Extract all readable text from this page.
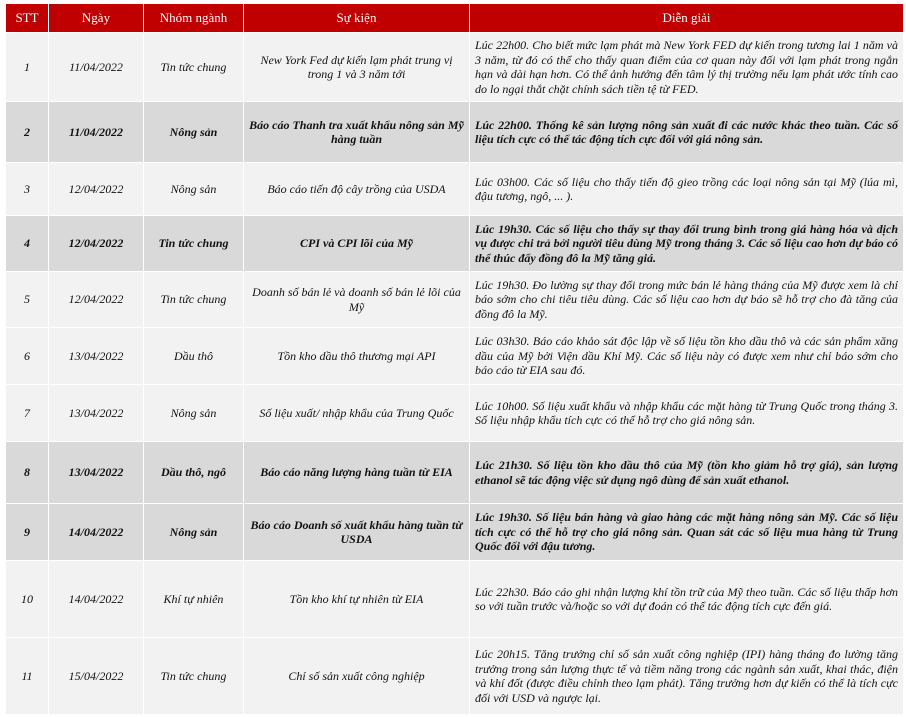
STT	Ngày	Nhóm ngành	Sự kiện	Diễn giải
1	11/04/2022	Tin tức chung	New York Fed dự kiến lạm phát trung vị trong 1 và 3 năm tới	Lúc 22h00. Cho biết mức lạm phát mà New York FED dự kiến trong tương lai 1 năm và 3 năm, từ đó có thể cho thấy quan điểm của cơ quan này đối với lạm phát trong ngắn hạn và dài hạn hơn. Có thể ảnh hưởng đến tâm lý thị trường nếu lạm phát ước tính cao do lo ngại thắt chặt chính sách tiền tệ từ FED.
2	11/04/2022	Nông sản	Báo cáo Thanh tra xuất khẩu nông sản Mỹ hàng tuần	Lúc 22h00. Thống kê sản lượng nông sản xuất đi các nước khác theo tuần. Các số liệu tích cực có thể tác động tích cực đối với giá nông sản.
3	12/04/2022	Nông sản	Báo cáo tiến độ cây trồng của USDA	Lúc 03h00. Các số liệu cho thấy tiến độ gieo trồng các loại nông sản tại Mỹ (lúa mì, đậu tương, ngô, ... ).
4	12/04/2022	Tin tức chung	CPI và CPI lõi của Mỹ	Lúc 19h30. Các số liệu cho thấy sự thay đổi trung bình trong giá hàng hóa và dịch vụ được chi trả bởi người tiêu dùng Mỹ trong tháng 3. Các số liệu cao hơn dự báo có thể thúc đẩy đồng đô la Mỹ tăng giá.
5	12/04/2022	Tin tức chung	Doanh số bán lẻ và doanh số bán lẻ lõi của Mỹ	Lúc 19h30. Đo lường sự thay đổi trong mức bán lẻ hàng tháng của Mỹ được xem là chỉ báo sớm cho chi tiêu tiêu dùng. Các số liệu cao hơn dự báo sẽ hỗ trợ cho đà tăng của đồng đô la Mỹ.
6	13/04/2022	Dầu thô	Tồn kho dầu thô thương mại API	Lúc 03h30. Báo cáo khảo sát độc lập về số liệu tồn kho dầu thô và các sản phẩm xăng dầu của Mỹ bởi Viện dầu Khí Mỹ. Các số liệu này có được xem như chỉ báo sớm cho báo cáo từ EIA sau đó.
7	13/04/2022	Nông sản	Số liệu xuất/ nhập khẩu của Trung Quốc	Lúc 10h00. Số liệu xuất khẩu và nhập khẩu các mặt hàng từ Trung Quốc trong tháng 3. Số liệu nhập khẩu tích cực có thể hỗ trợ cho giá nông sản.
8	13/04/2022	Dầu thô, ngô	Báo cáo năng lượng hàng tuần từ EIA	Lúc 21h30. Số liệu tồn kho dầu thô của Mỹ (tồn kho giảm hỗ trợ giá), sản lượng ethanol sẽ tác động việc sử dụng ngô dùng để sản xuất ethanol.
9	14/04/2022	Nông sản	Báo cáo Doanh số xuất khẩu hàng tuần từ USDA	Lúc 19h30. Số liệu bán hàng và giao hàng các mặt hàng nông sản Mỹ. Các số liệu tích cực có thể hỗ trợ cho giá nông sản. Quan sát các số liệu mua hàng từ Trung Quốc đối với đậu tương.
10	14/04/2022	Khí tự nhiên	Tồn kho khí tự nhiên từ EIA	Lúc 22h30. Báo cáo ghi nhận lượng khí tồn trữ của Mỹ theo tuần. Các số liệu thấp hơn so với tuần trước và/hoặc so với dự đoán có thể tác động tích cực đến giá.
11	15/04/2022	Tin tức chung	Chỉ số sản xuất công nghiệp	Lúc 20h15. Tăng trưởng chỉ số sản xuất công nghiệp (IPI) hàng tháng đo lường tăng trưởng trong sản lượng thực tế và tiềm năng trong các ngành sản xuất, khai thác, điện và khí đốt (được điều chỉnh theo lạm phát). Tăng trưởng hơn dự kiến có thể là tích cực đối với USD và ngược lại.
